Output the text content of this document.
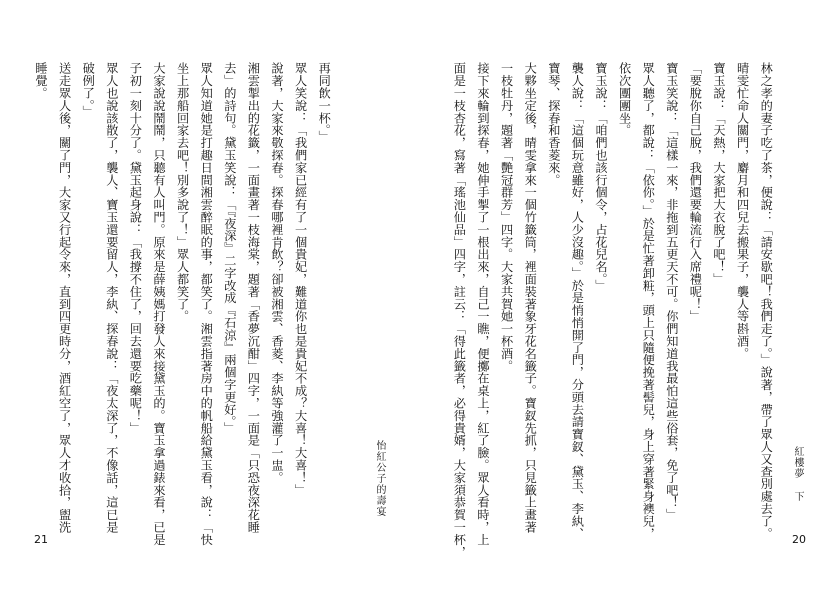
怡紅公子的壽宴
21
再同飲一杯。」
眾人笑說：「我們家已經有了一個貴妃，難道你也是貴妃不成？大喜！大喜！」
說著，大家來敬探春。探春哪裡肯飲？卻被湘雲、香菱、李紈等強灌了一盅。
湘雲掣出的花籤，一面畫著一枝海棠，題著「香夢沉酣」四字，一面是「只恐夜深花睡
去」的詩句。黛玉笑說：「『夜深』二字改成『石涼』兩個字更好。」
眾人知道她是打趣日間湘雲醉眠的事，都笑了。湘雲指著房中的帆船給黛玉看，說：「快
坐上那船回家去吧！別多說了！」眾人都笑了。
大家說說鬧鬧，只聽有人叫門。原來是薛姨媽打發人來接黛玉的。寶玉拿過錶來看，已是
子初一刻十分了。黛玉起身說：「我撐不住了，回去還要吃藥呢！」
眾人也說該散了，襲人、寶玉還要留人，李紈、探春說：「夜太深了，不像話，這已是
破例了。」
送走眾人後，關了門，大家又行起令來，直到四更時分，酒紅空了，眾人才收拾，盥洗
睡覺。
紅樓夢 下
20
林之孝的妻子吃了茶，便說：「請安歇吧！我們走了。」說著，帶了眾人又查別處去了。
晴雯忙命人關門，麝月和四兒去搬果子，襲人等斟酒。
寶玉說：「天熱，大家把大衣脫了吧！」
「要脫你自己脫，我們還要輪流行入席禮呢！」
寶玉笑說：「這樣一來，非拖到五更天不可。你們知道我最怕這些俗套，免了吧！」
眾人聽了，都說：「依你。」於是忙著卸粧，頭上只隨便挽著髻兒，身上穿著緊身襖兒，
依次團團坐。
寶玉說：「咱們也該行個令，占花兒名。」
襲人說：「這個玩意雖好，人少沒趣。」於是悄悄開了門，分頭去請寶釵、黛玉、李紈、
寶琴、探春和香菱來。
大夥坐定後，晴雯拿來一個竹籤筒，裡面裝著象牙花名籤子。寶釵先抓，只見籤上畫著
一枝牡丹，題著「艷冠群芳」四字。大家共賀她一杯酒。
接下來輪到探春，她伸手掣了一根出來，自己一瞧，便擲在桌上，紅了臉。眾人看時，上
面是一枝杏花，寫著「瑤池仙品」四字，註云：「得此籤者，必得貴婿，大家須恭賀一杯，
